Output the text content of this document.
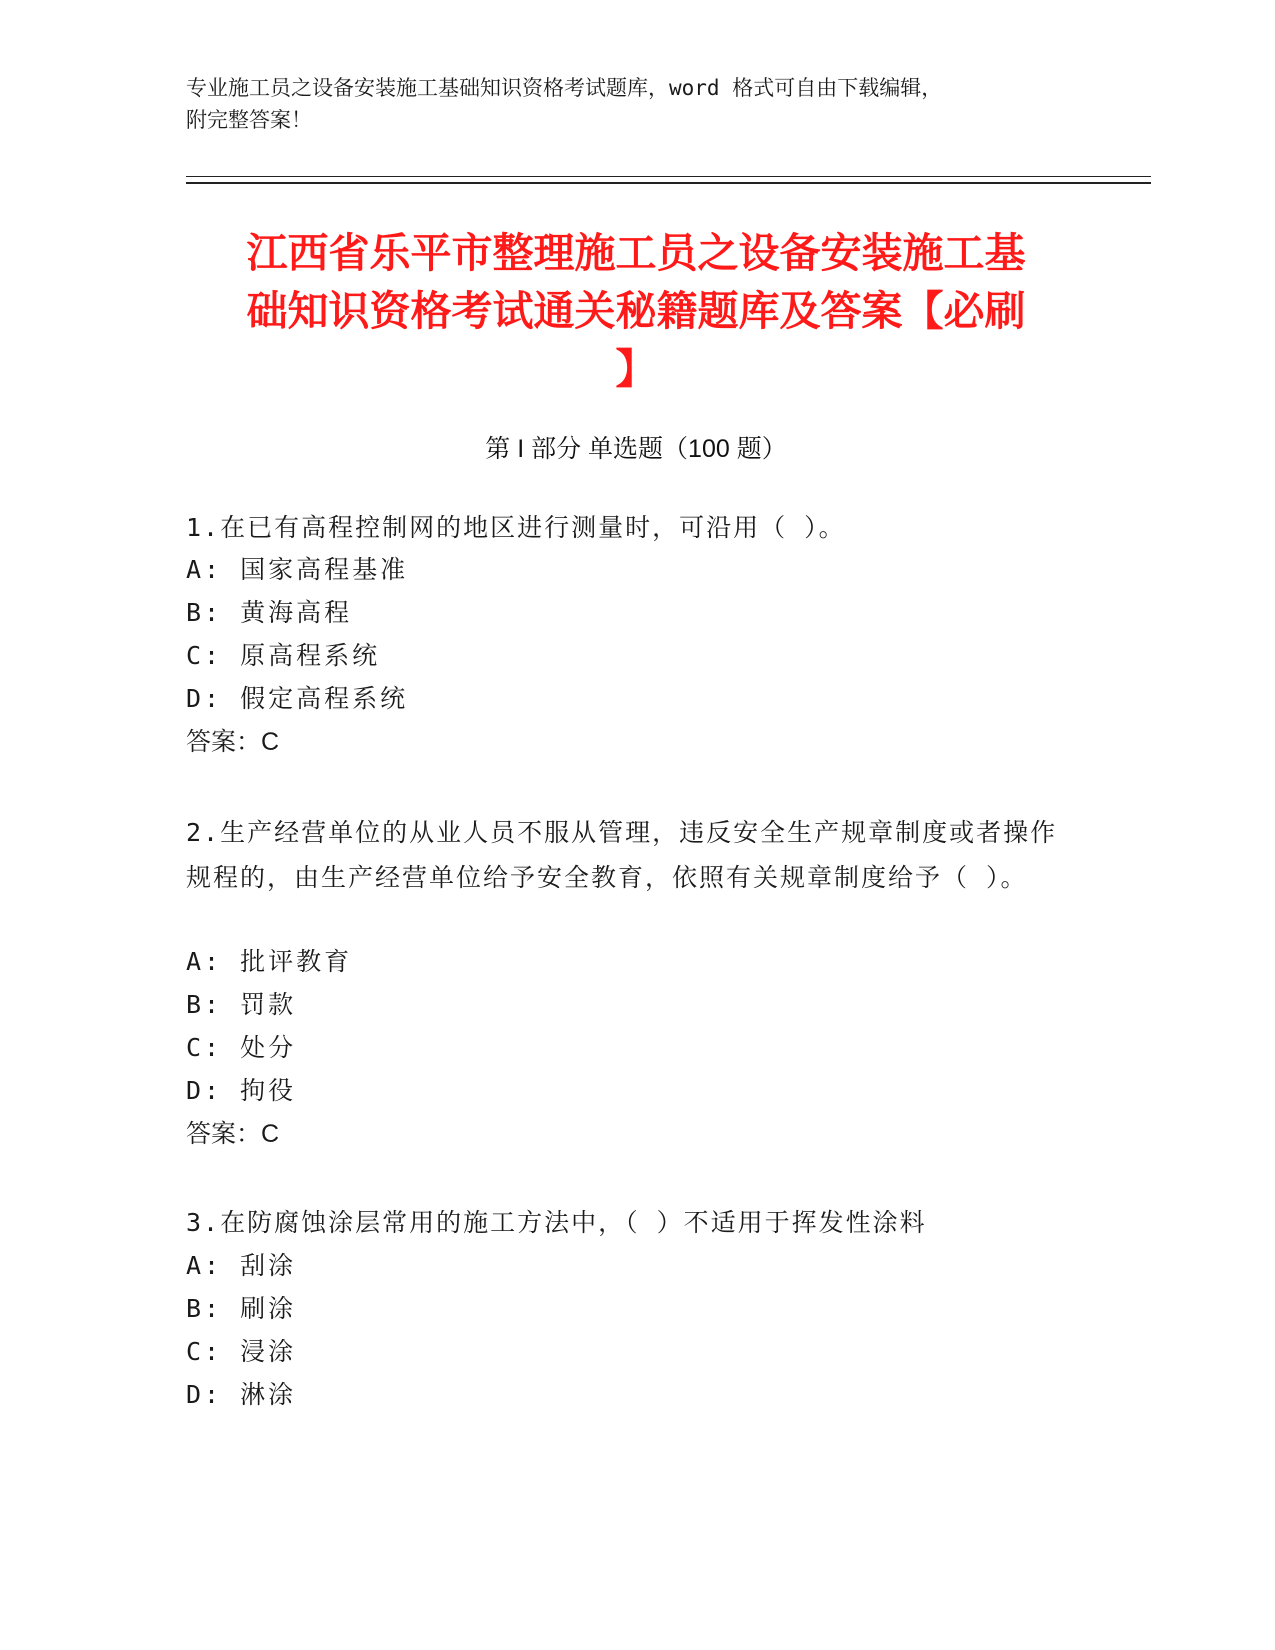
专业施工员之设备安装施工基础知识资格考试题库，word 格式可自由下载编辑，
附完整答案！
江西省乐平市整理施工员之设备安装施工基
础知识资格考试通关秘籍题库及答案【必刷
】
第 I 部分 单选题（100 题）
1.在已有高程控制网的地区进行测量时，可沿用（ ）。
A: 国家高程基准
B: 黄海高程
C: 原高程系统
D: 假定高程系统
答案：C
2.生产经营单位的从业人员不服从管理，违反安全生产规章制度或者操作规程的，由生产经营单位给予安全教育，依照有关规章制度给予（ ）。
A: 批评教育
B: 罚款
C: 处分
D: 拘役
答案：C
3.在防腐蚀涂层常用的施工方法中，（ ）不适用于挥发性涂料
A: 刮涂
B: 刷涂
C: 浸涂
D: 淋涂
